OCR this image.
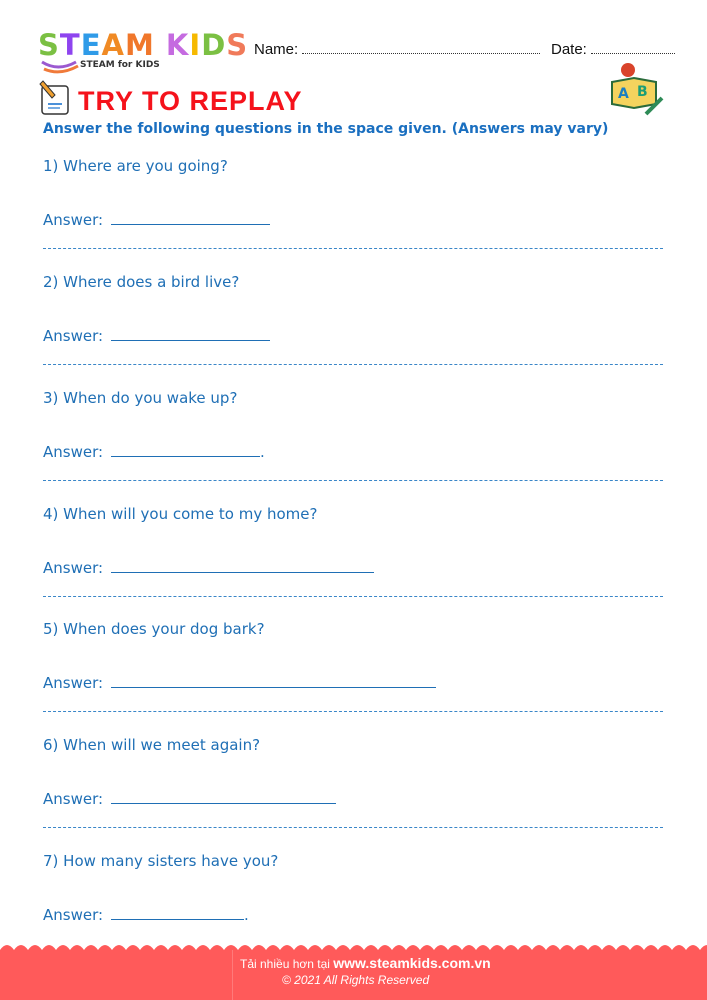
STEAM KIDS
STEAM for KIDS
Name:	Date:
TRY TO REPLAY	A B
Answer the following questions in the space given. (Answers may vary)
1) Where are you going?
Answer:
2) Where does a bird live?
Answer:
3) When do you wake up?
Answer:	.
4) When will you come to my home?
Answer:
5) When does your dog bark?
Answer:
6) When will we meet again?
Answer:
7) How many sisters have you?
Answer:	.
Tải nhiều hơn tại www.steamkids.com.vn
© 2021 All Rights Reserved
